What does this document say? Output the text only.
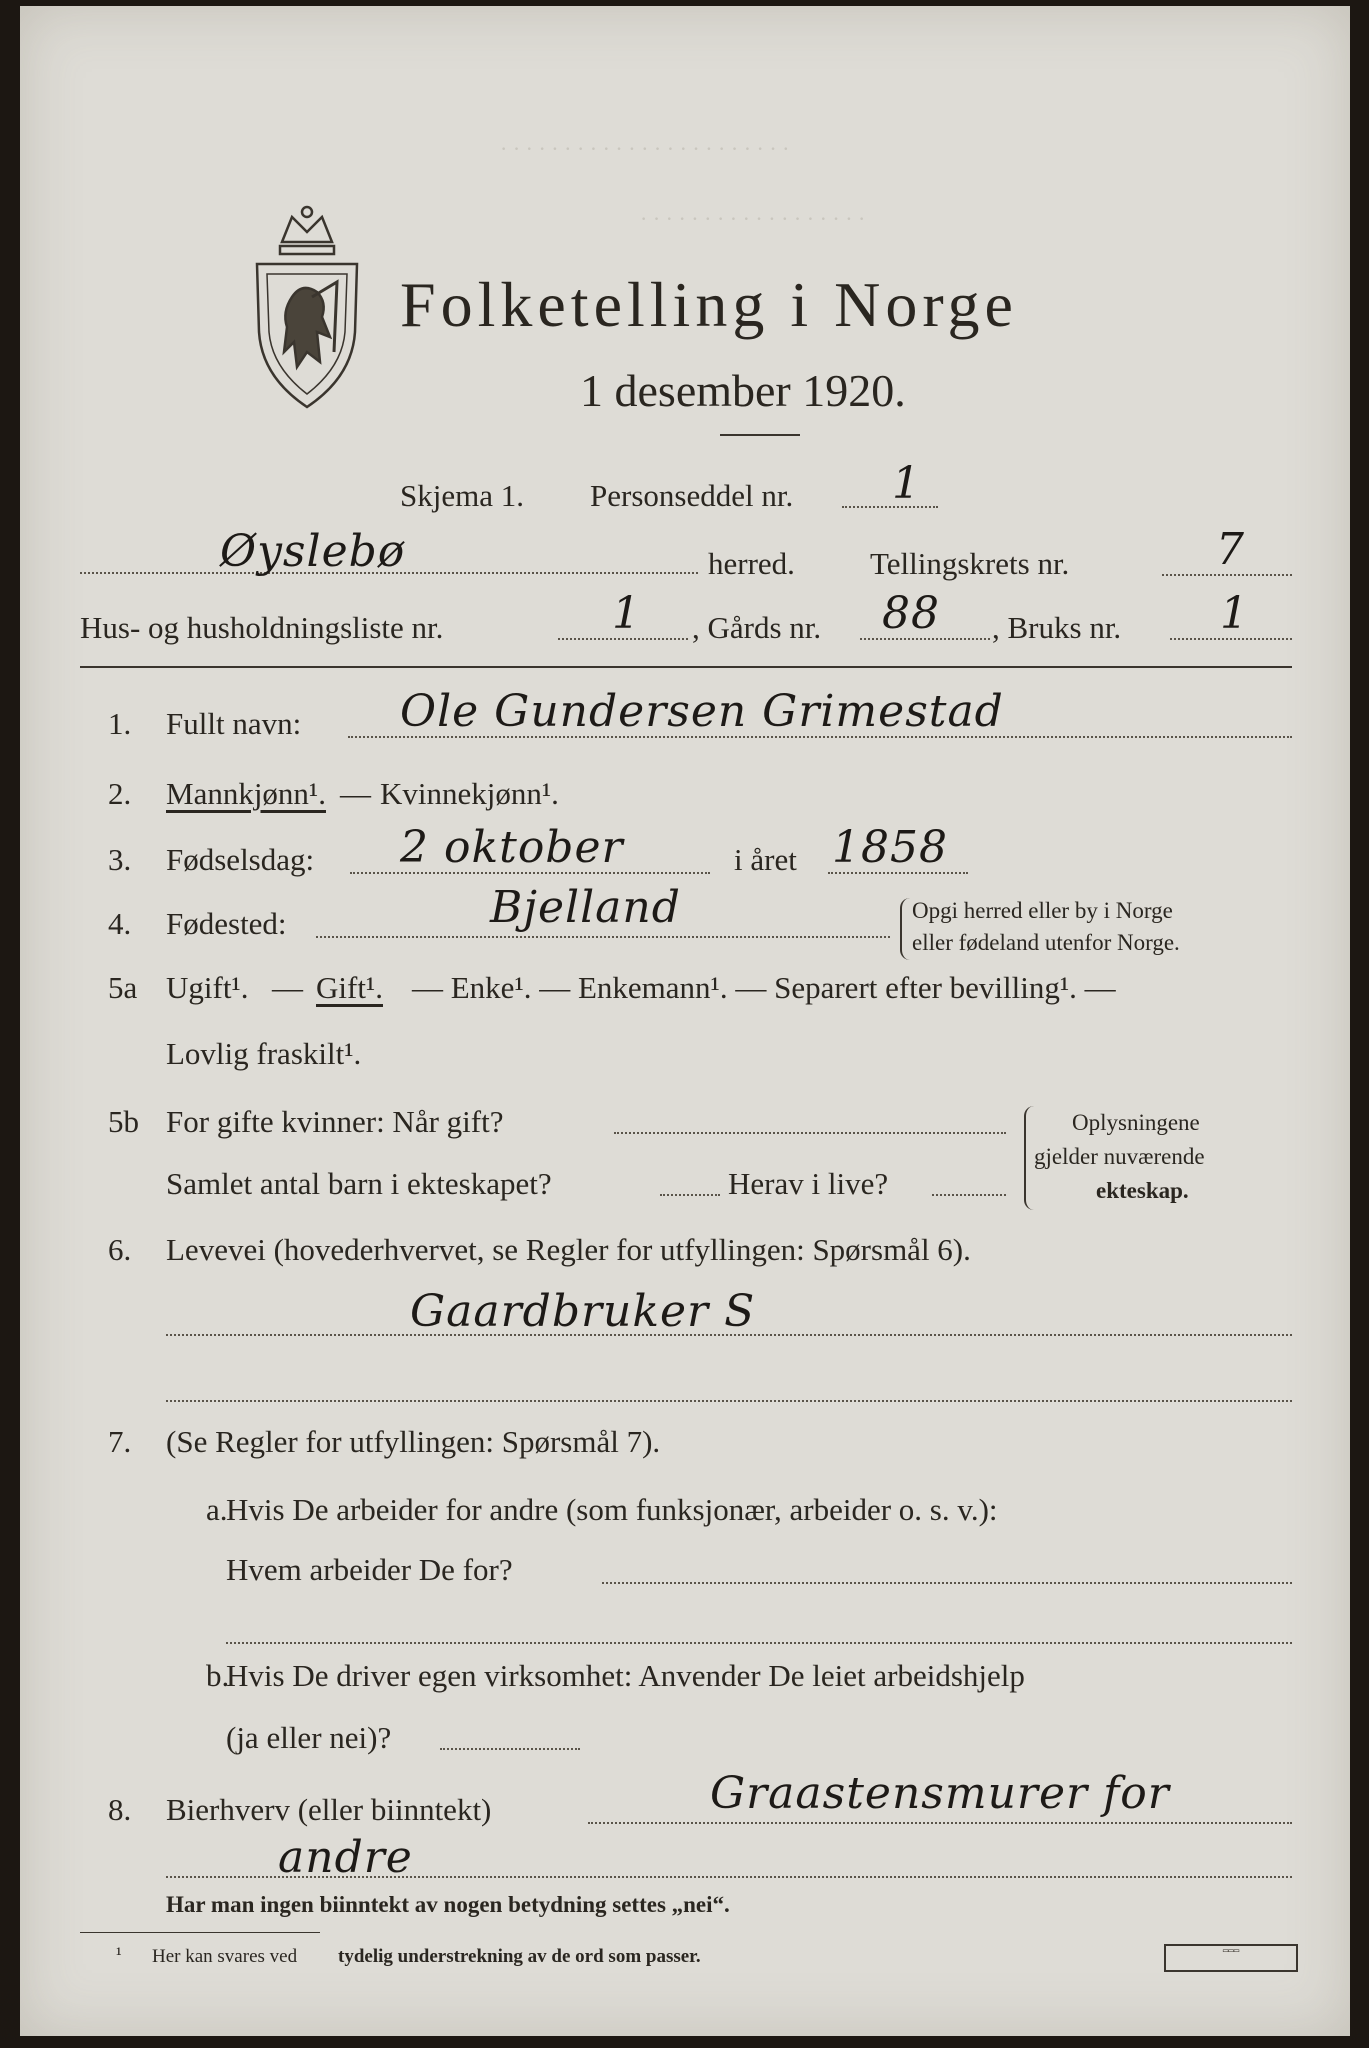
· · · · · · · · · · · · · · · · · · · · · · ·
· · · · · · · · · · · · · · · · · ·
Folketelling i Norge
1 desember 1920.
Skjema 1. Personseddel nr. 1
Øyslebø	herred. Tellingskrets nr.	7
Hus- og husholdningsliste nr.	1 , Gårds nr. 88 , Bruks nr. 1
1. Fullt navn: Ole Gundersen Grimestad
2. Mannkjønn¹. — Kvinnekjønn¹.
3. Fødselsdag: 2 oktober	i året 1858
4. Fødested:	Bjelland	Opgi herred eller by i Norge
eller fødeland utenfor Norge.
5a Ugift¹. — Gift¹. — Enke¹. — Enkemann¹. — Separert efter bevilling¹. —
Lovlig fraskilt¹.
5b For gifte kvinner: Når gift?
Samlet antal barn i ekteskapet?	Herav i live?
Oplysningene
gjelder nuværende
ekteskap.
6. Levevei (hovederhvervet, se Regler for utfyllingen: Spørsmål 6).
Gaardbruker S
7. (Se Regler for utfyllingen: Spørsmål 7).
a.
Hvis De arbeider for andre (som funksjonær, arbeider o. s. v.):
Hvem arbeider De for?
b.
Hvis De driver egen virksomhet: Anvender De leiet arbeidshjelp
(ja eller nei)?
8. Bierhverv (eller biinntekt)	Graastensmurer for
andre
Har man ingen biinntekt av nogen betydning settes „nei“.
¹ Her kan svares ved tydelig understrekning av de ord som passer.	▭▭▭
